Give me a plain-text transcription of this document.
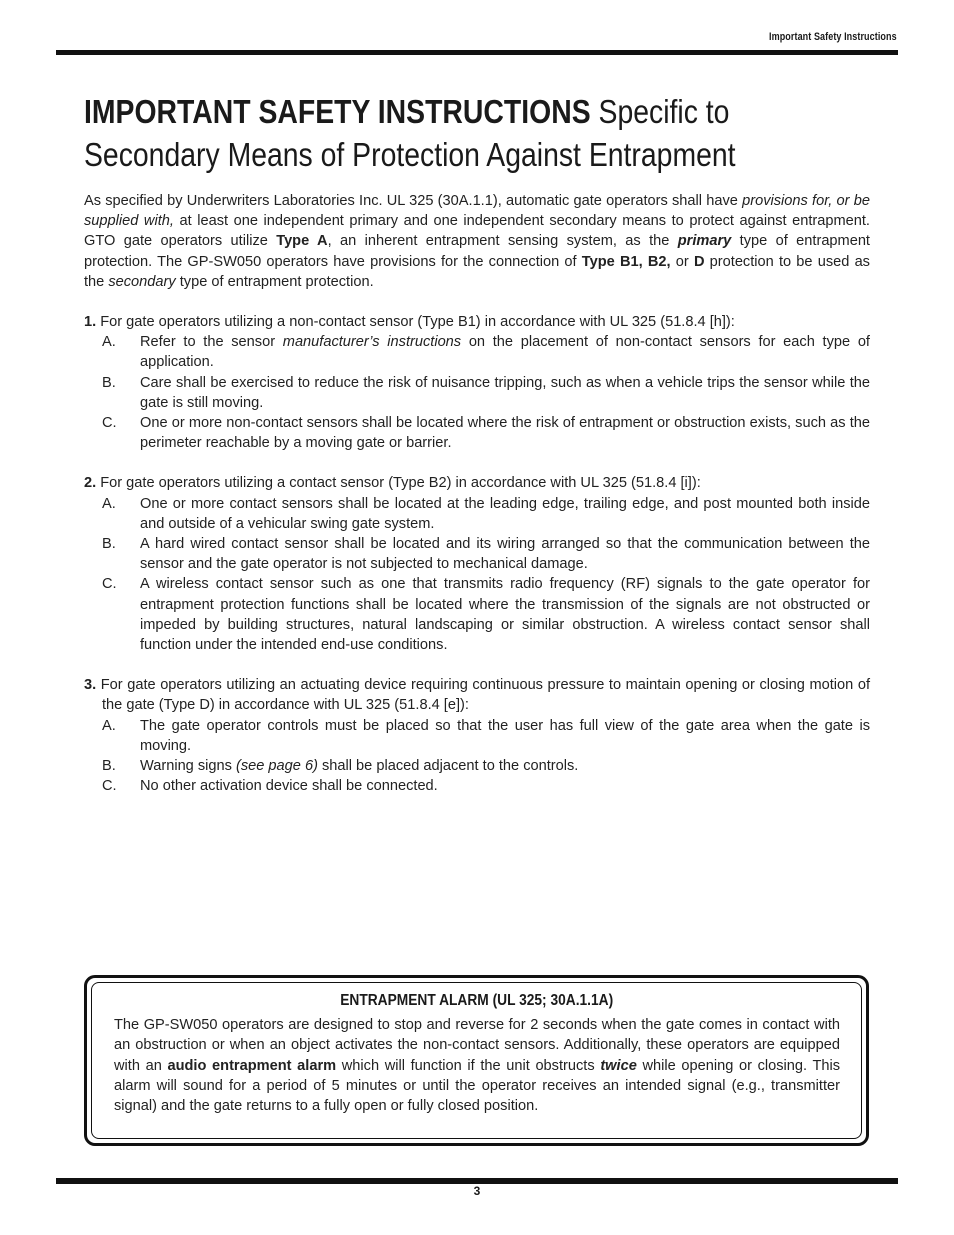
Important Safety Instructions
IMPORTANT SAFETY INSTRUCTIONS Specific to Secondary Means of Protection Against Entrapment

As specified by Underwriters Laboratories Inc. UL 325 (30A.1.1), automatic gate operators shall have provisions for, or be supplied with, at least one independent primary and one independent secondary means to protect against entrapment. GTO gate operators utilize Type A, an inherent entrapment sensing system, as the primary type of entrapment protection. The GP-SW050 operators have provisions for the connection of Type B1, B2, or D protection to be used as the secondary type of entrapment protection.

1. For gate operators utilizing a non-contact sensor (Type B1) in accordance with UL 325 (51.8.4 [h]):

A. Refer to the sensor manufacturer’s instructions on the placement of non-contact sensors for each type of application.
B. Care shall be exercised to reduce the risk of nuisance tripping, such as when a vehicle trips the sensor while the gate is still moving.
C. One or more non-contact sensors shall be located where the risk of entrapment or obstruction exists, such as the perimeter reachable by a moving gate or barrier.

2. For gate operators utilizing a contact sensor (Type B2) in accordance with UL 325 (51.8.4 [i]):

A. One or more contact sensors shall be located at the leading edge, trailing edge, and post mounted both inside and outside of a vehicular swing gate system.
B. A hard wired contact sensor shall be located and its wiring arranged so that the communication between the sensor and the gate operator is not subjected to mechanical damage.
C. A wireless contact sensor such as one that transmits radio frequency (RF) signals to the gate operator for entrapment protection functions shall be located where the transmission of the signals are not obstructed or impeded by building structures, natural landscaping or similar obstruction. A wireless contact sensor shall function under the intended end-use conditions.

3. For gate operators utilizing an actuating device requiring continuous pressure to maintain opening or closing motion of the gate (Type D) in accordance with UL 325 (51.8.4 [e]):

A. The gate operator controls must be placed so that the user has full view of the gate area when the gate is moving.
B. Warning signs (see page 6) shall be placed adjacent to the controls.
C. No other activation device shall be connected.
ENTRAPMENT ALARM (UL 325; 30A.1.1A)
The GP-SW050 operators are designed to stop and reverse for 2 seconds when the gate comes in contact with an obstruction or when an object activates the non-contact sensors. Additionally, these operators are equipped with an audio entrapment alarm which will function if the unit obstructs twice while opening or closing. This alarm will sound for a period of 5 minutes or until the operator receives an intended signal (e.g., transmitter signal) and the gate returns to a fully open or fully closed position.
3
